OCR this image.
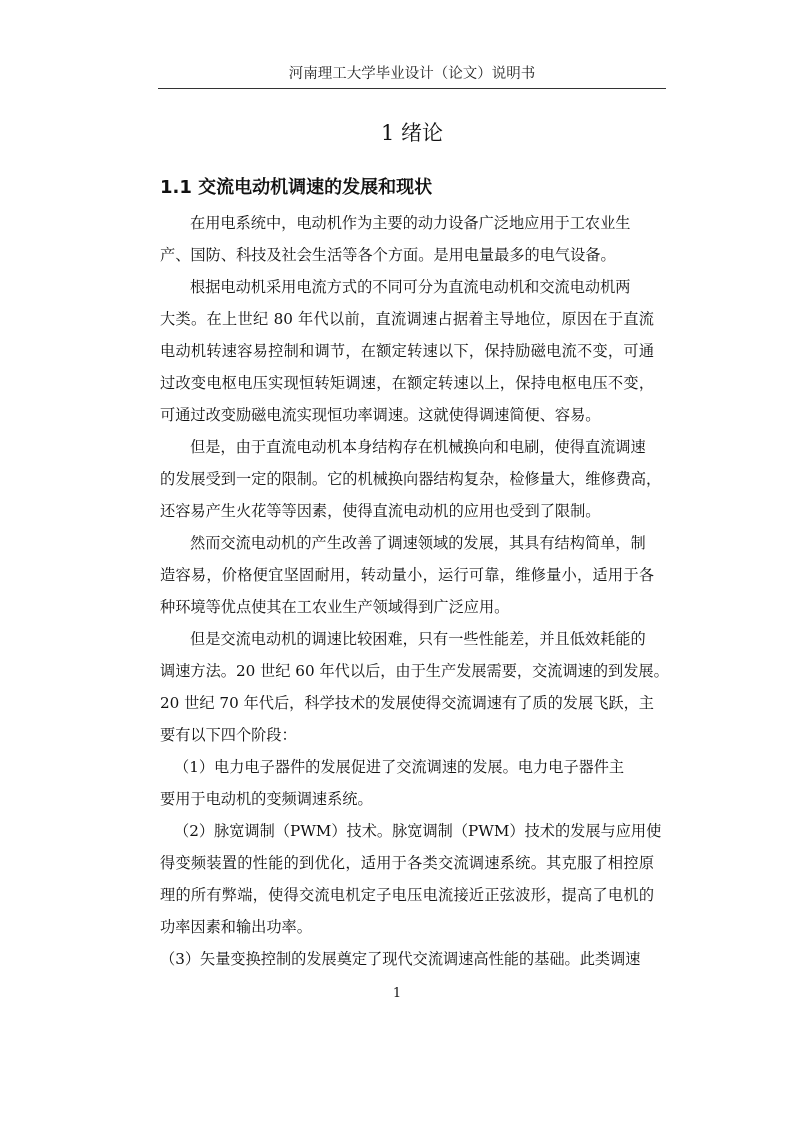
河南理工大学毕业设计（论文）说明书
1 绪论
1.1 交流电动机调速的发展和现状
在用电系统中，电动机作为主要的动力设备广泛地应用于工农业生
产、国防、科技及社会生活等各个方面。是用电量最多的电气设备。
根据电动机采用电流方式的不同可分为直流电动机和交流电动机两
大类。在上世纪 80 年代以前，直流调速占据着主导地位，原因在于直流
电动机转速容易控制和调节，在额定转速以下，保持励磁电流不变，可通
过改变电枢电压实现恒转矩调速，在额定转速以上，保持电枢电压不变，
可通过改变励磁电流实现恒功率调速。这就使得调速简便、容易。
但是，由于直流电动机本身结构存在机械换向和电刷，使得直流调速
的发展受到一定的限制。它的机械换向器结构复杂，检修量大，维修费高，
还容易产生火花等等因素，使得直流电动机的应用也受到了限制。
然而交流电动机的产生改善了调速领域的发展，其具有结构简单，制
造容易，价格便宜坚固耐用，转动量小，运行可靠，维修量小，适用于各
种环境等优点使其在工农业生产领域得到广泛应用。
但是交流电动机的调速比较困难，只有一些性能差，并且低效耗能的
调速方法。20 世纪 60 年代以后，由于生产发展需要，交流调速的到发展。
20 世纪 70 年代后，科学技术的发展使得交流调速有了质的发展飞跃，主
要有以下四个阶段：
（1）电力电子器件的发展促进了交流调速的发展。电力电子器件主
要用于电动机的变频调速系统。
（2）脉宽调制（PWM）技术。脉宽调制（PWM）技术的发展与应用使
得变频装置的性能的到优化，适用于各类交流调速系统。其克服了相控原
理的所有弊端，使得交流电机定子电压电流接近正弦波形，提高了电机的
功率因素和输出功率。
（3）矢量变换控制的发展奠定了现代交流调速高性能的基础。此类调速
1
